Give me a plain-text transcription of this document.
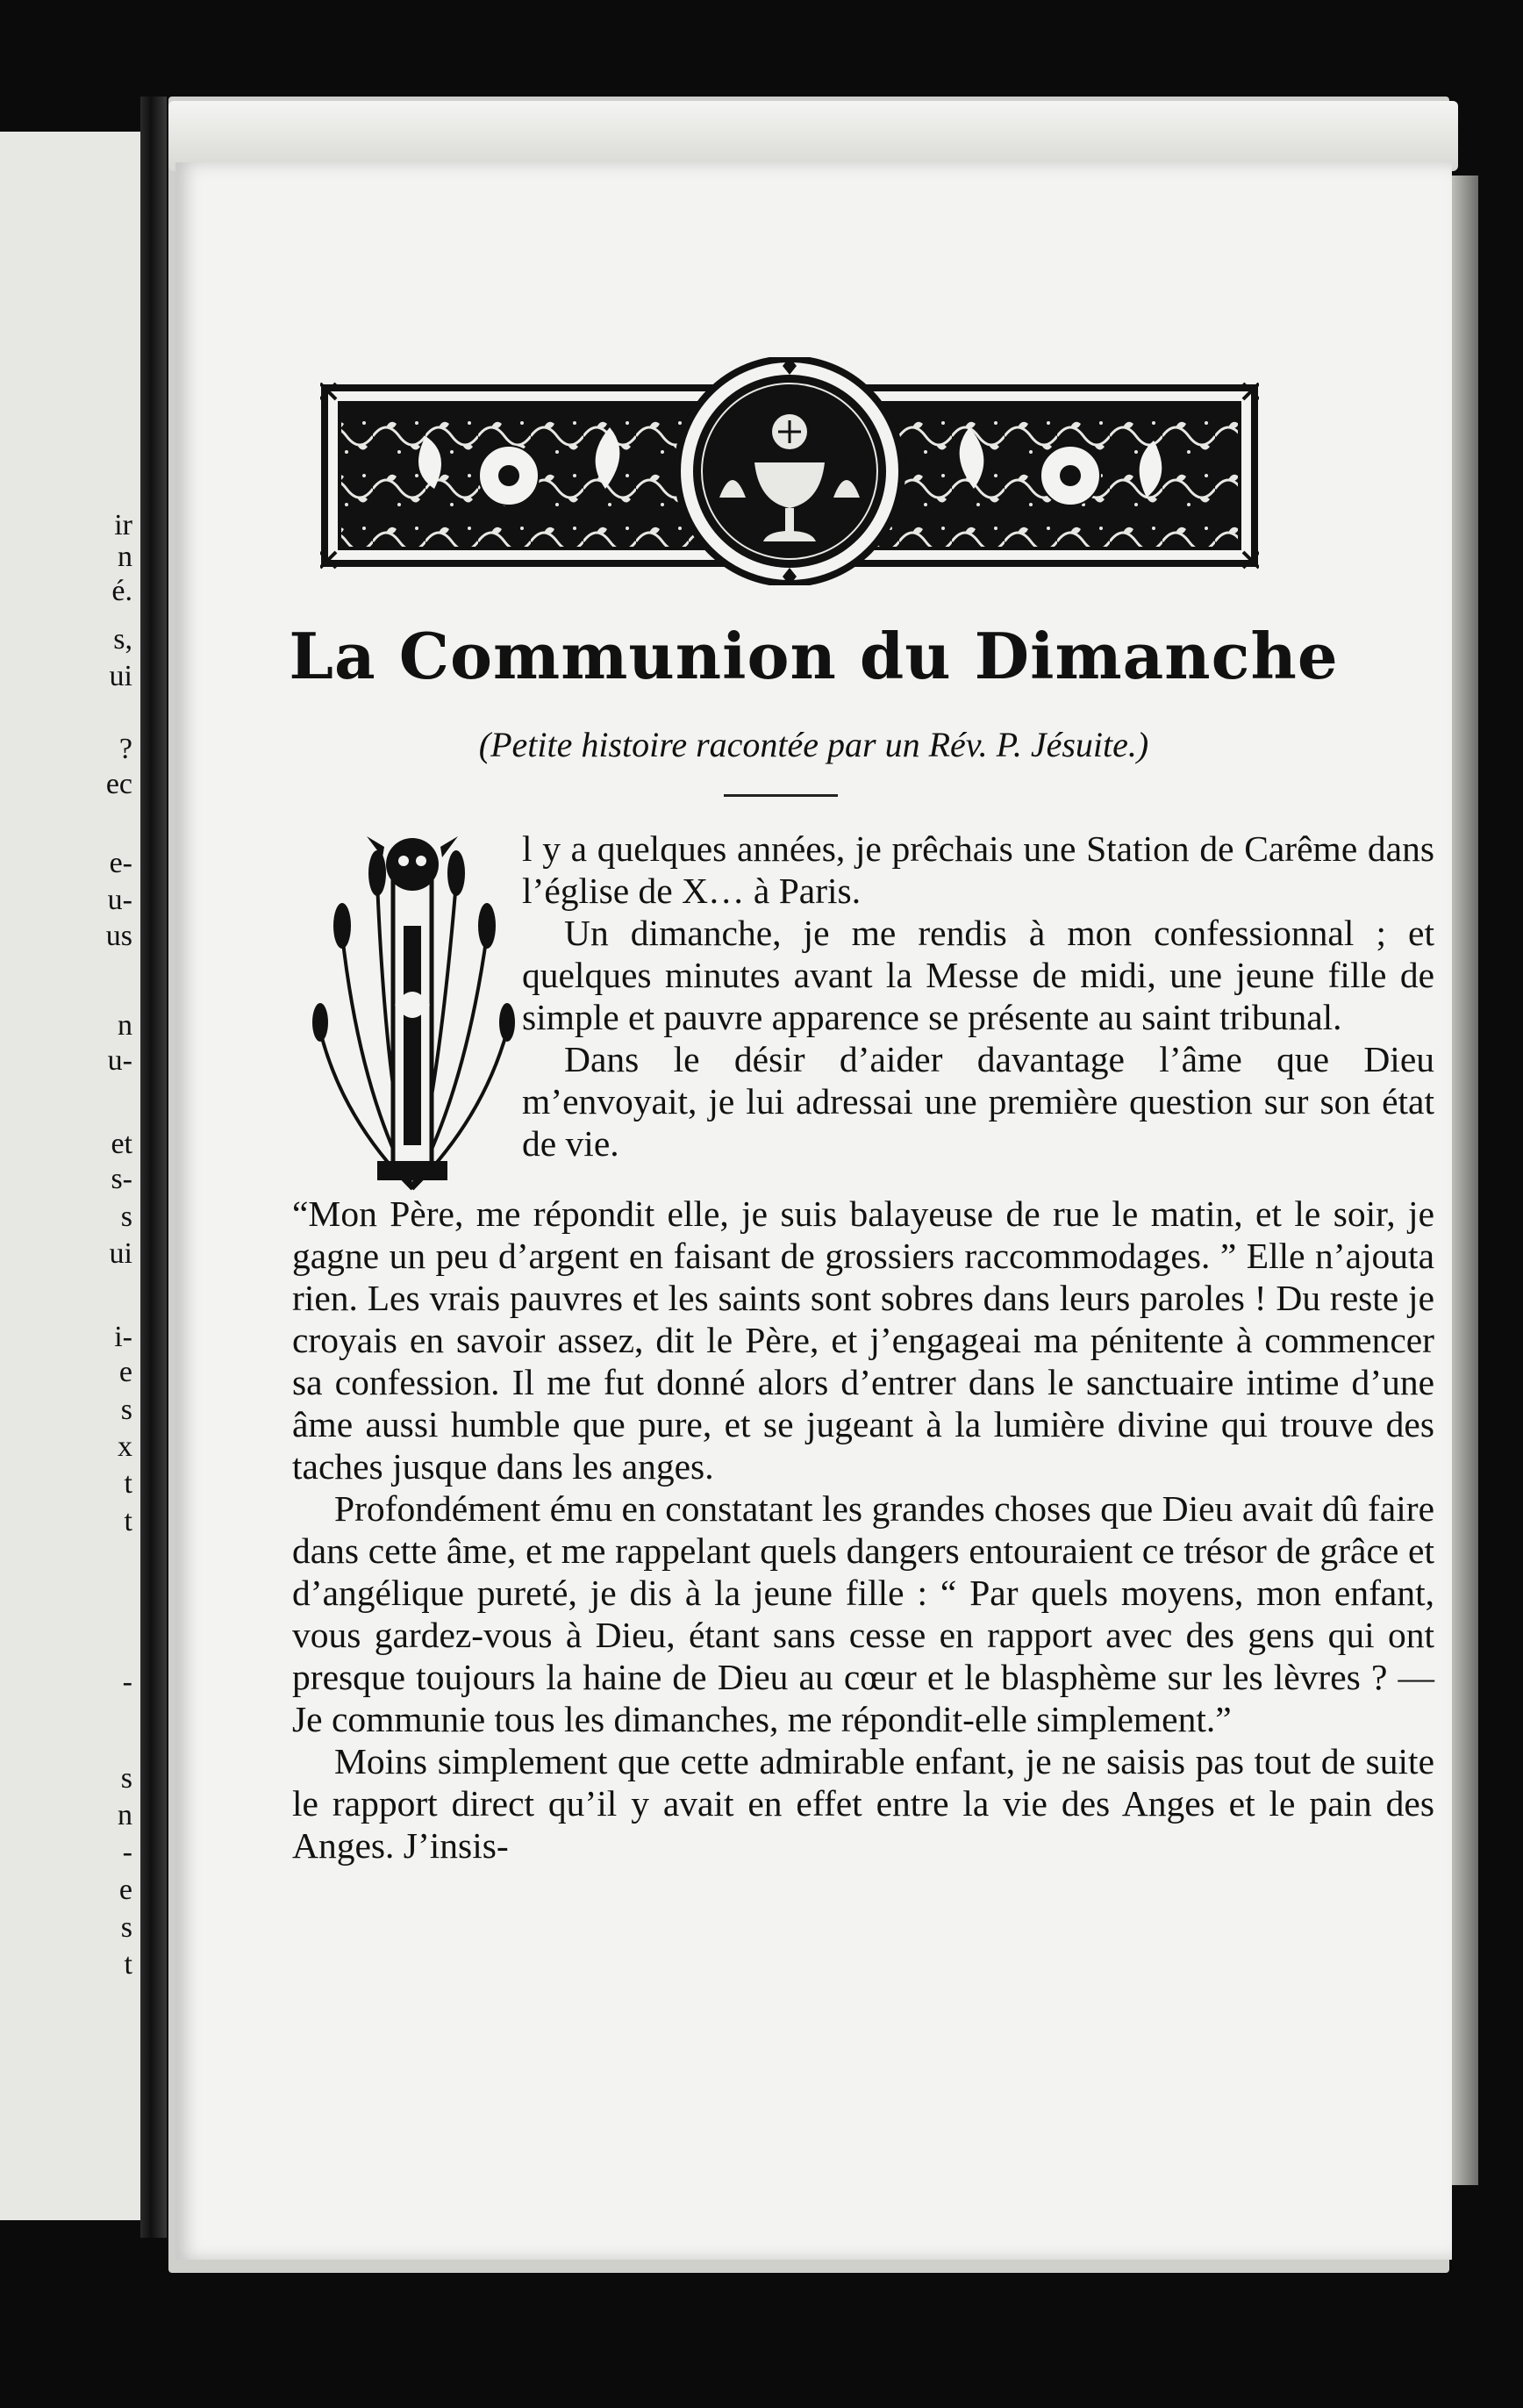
ir
n
é.
s,
ui
?
ec
e-
u-
us
n
u-
et
s-
s
ui
i-
e
s
x
t
t
-
s
n
-
e
s
t
La Communion du Dimanche

(Petite histoire racontée par un Rév. P. Jésuite.)

l y a quelques années, je prêchais une Station de Carême dans l’église de X… à Paris.

Un dimanche, je me rendis à mon confessionnal ; et quelques minutes avant la Messe de midi, une jeune fille de simple et pauvre apparence se présente au saint tribunal.

Dans le désir d’aider davantage l’âme que Dieu m’envoyait, je lui adressai une première question sur son état de vie.

“Mon Père, me répondit elle, je suis balayeuse de rue le matin, et le soir, je gagne un peu d’argent en faisant de grossiers raccommodages. ” Elle n’ajouta rien. Les vrais pauvres et les saints sont sobres dans leurs paroles ! Du reste je croyais en savoir assez, dit le Père, et j’engageai ma pénitente à commencer sa confession. Il me fut donné alors d’entrer dans le sanctuaire intime d’une âme aussi humble que pure, et se jugeant à la lumière divine qui trouve des taches jusque dans les anges.

Profondément ému en constatant les grandes choses que Dieu avait dû faire dans cette âme, et me rappelant quels dangers entouraient ce trésor de grâce et d’angélique pureté, je dis à la jeune fille : “ Par quels moyens, mon enfant, vous gardez-vous à Dieu, étant sans cesse en rapport avec des gens qui ont presque toujours la haine de Dieu au cœur et le blasphème sur les lèvres ? — Je communie tous les dimanches, me répondit-elle simplement.”

Moins simplement que cette admirable enfant, je ne saisis pas tout de suite le rapport direct qu’il y avait en effet entre la vie des Anges et le pain des Anges. J’insis-
